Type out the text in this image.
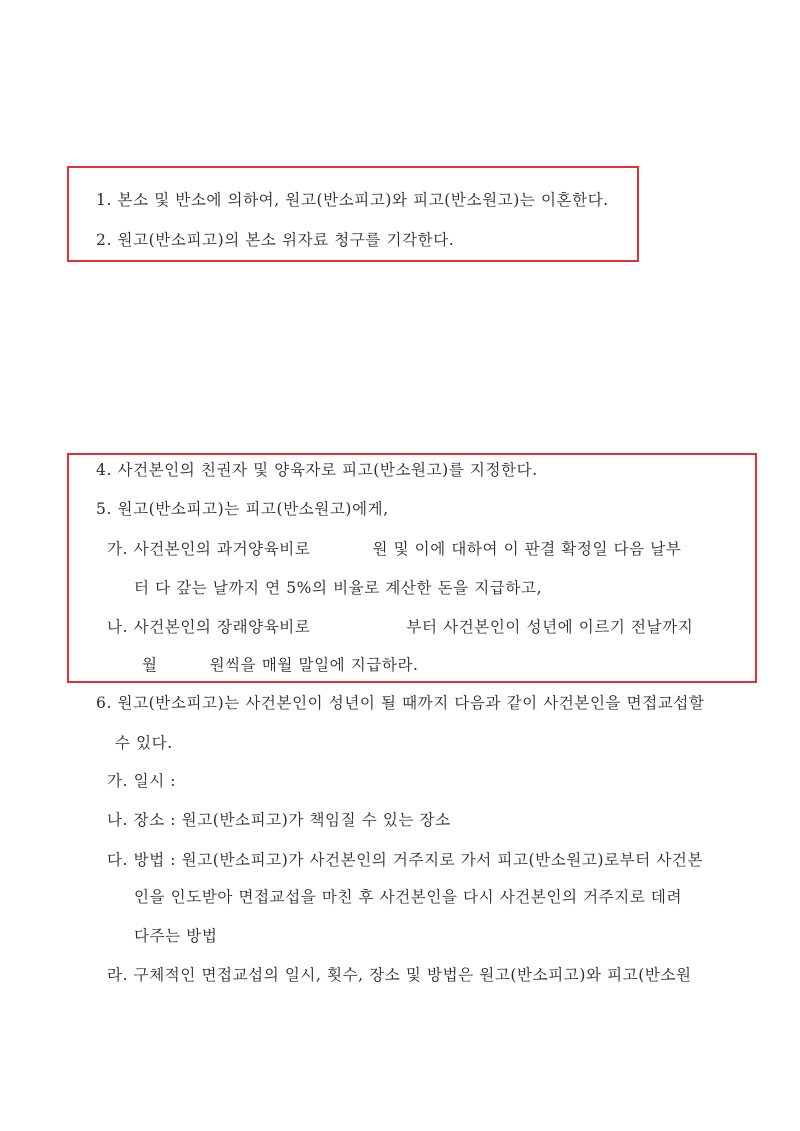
1. 본소 및 반소에 의하여, 원고(반소피고)와 피고(반소원고)는 이혼한다.
2. 원고(반소피고)의 본소 위자료 청구를 기각한다.
4. 사건본인의 친권자 및 양육자로 피고(반소원고)를 지정한다.
5. 원고(반소피고)는 피고(반소원고)에게,
가. 사건본인의 과거양육비로	원 및 이에 대하여 이 판결 확정일 다음 날부
터 다 갚는 날까지 연 5%의 비율로 계산한 돈을 지급하고,
나. 사건본인의 장래양육비로	부터 사건본인이 성년에 이르기 전날까지
월	원씩을 매월 말일에 지급하라.
6. 원고(반소피고)는 사건본인이 성년이 될 때까지 다음과 같이 사건본인을 면접교섭할
수 있다.
가. 일시 :
나. 장소 : 원고(반소피고)가 책임질 수 있는 장소
다. 방법 : 원고(반소피고)가 사건본인의 거주지로 가서 피고(반소원고)로부터 사건본
인을 인도받아 면접교섭을 마친 후 사건본인을 다시 사건본인의 거주지로 데려
다주는 방법
라. 구체적인 면접교섭의 일시, 횟수, 장소 및 방법은 원고(반소피고)와 피고(반소원
